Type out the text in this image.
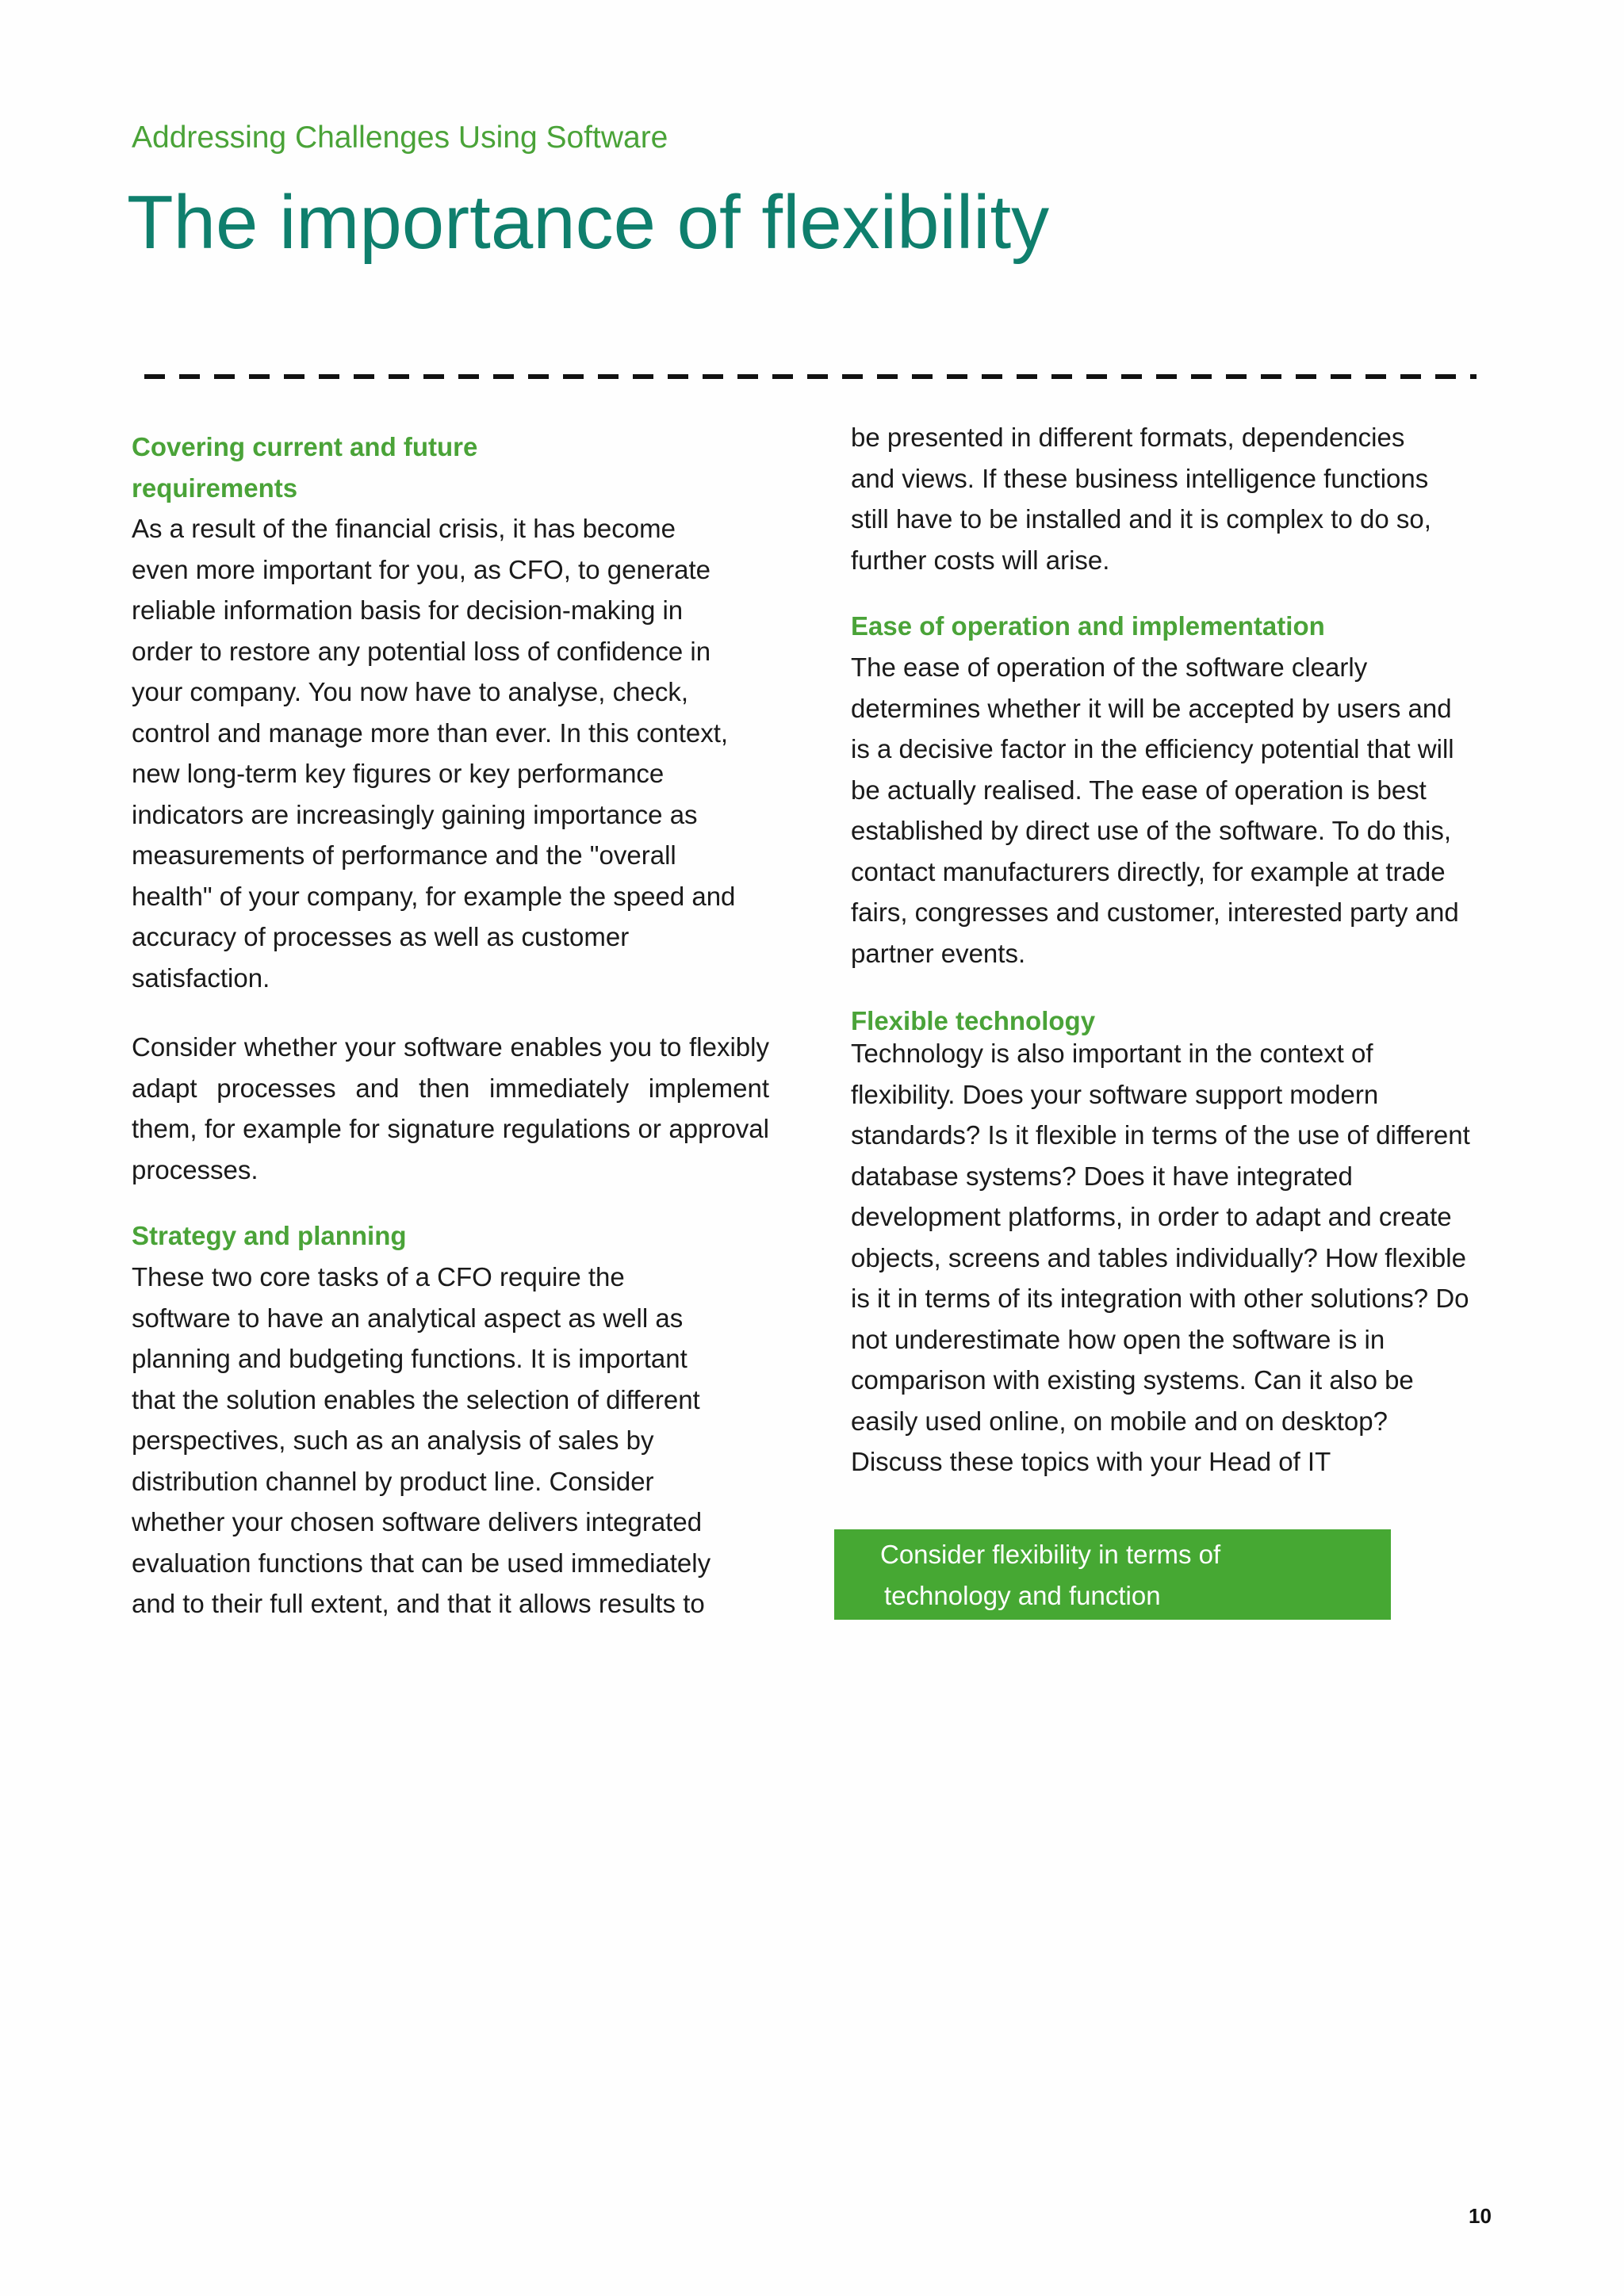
Addressing Challenges Using Software
The importance of flexibility
Covering current and future
requirements
As a result of the financial crisis, it has become
even more important for you, as CFO, to generate
reliable information basis for decision-making in
order to restore any potential loss of confidence in
your company. You now have to analyse, check,
control and manage more than ever. In this context,
new long-term key figures or key performance
indicators are increasingly gaining importance as
measurements of performance and the "overall
health" of your company, for example the speed and
accuracy of processes as well as customer
satisfaction.
Consider whether your software enables you to flexibly adapt processes and then immediately implement them, for example for signature regulations or approval processes.
Strategy and planning
These two core tasks of a CFO require the
software to have an analytical aspect as well as
planning and budgeting functions. It is important
that the solution enables the selection of different
perspectives, such as an analysis of sales by
distribution channel by product line. Consider
whether your chosen software delivers integrated
evaluation functions that can be used immediately
and to their full extent, and that it allows results to
be presented in different formats, dependencies
and views. If these business intelligence functions
still have to be installed and it is complex to do so,
further costs will arise.
Ease of operation and implementation
The ease of operation of the software clearly
determines whether it will be accepted by users and
is a decisive factor in the efficiency potential that will
be actually realised. The ease of operation is best
established by direct use of the software. To do this,
contact manufacturers directly, for example at trade
fairs, congresses and customer, interested party and
partner events.
Flexible technology
Technology is also important in the context of
flexibility. Does your software support modern
standards? Is it flexible in terms of the use of different
database systems? Does it have integrated
development platforms, in order to adapt and create
objects, screens and tables individually? How flexible
is it in terms of its integration with other solutions? Do
not underestimate how open the software is in
comparison with existing systems. Can it also be
easily used online, on mobile and on desktop?
Discuss these topics with your Head of IT
Consider flexibility in terms of
technology and function
10
